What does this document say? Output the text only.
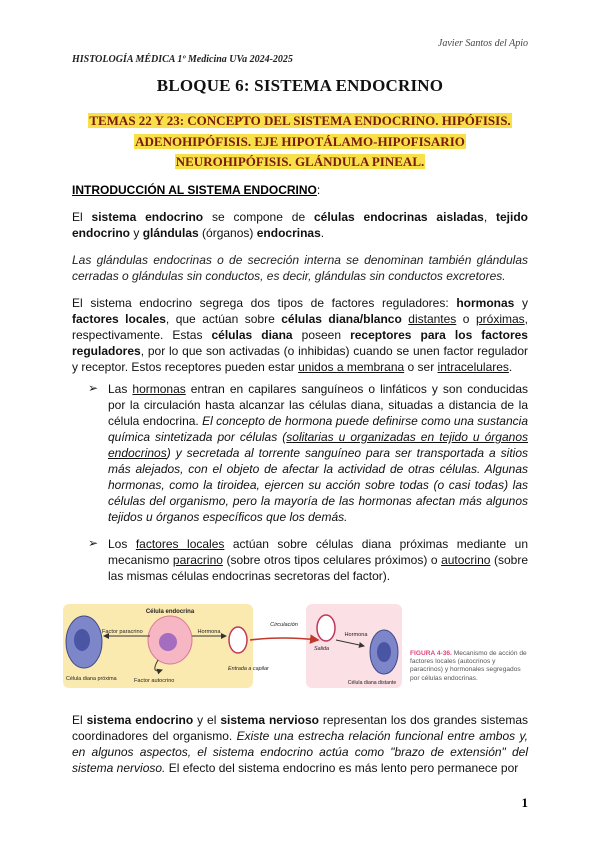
Javier Santos del Apio
HISTOLOGÍA MÉDICA 1º Medicina UVa 2024-2025
BLOQUE 6: SISTEMA ENDOCRINO
TEMAS 22 Y 23: CONCEPTO DEL SISTEMA ENDOCRINO. HIPÓFISIS.
ADENOHIPÓFISIS. EJE HIPOTÁLAMO-HIPOFISARIO
NEUROHIPÓFISIS. GLÁNDULA PINEAL.
INTRODUCCIÓN AL SISTEMA ENDOCRINO:

El sistema endocrino se compone de células endocrinas aisladas, tejido endocrino y glándulas (órganos) endocrinas.

Las glándulas endocrinas o de secreción interna se denominan también glándulas cerradas o glándulas sin conductos, es decir, glándulas sin conductos excretores.

El sistema endocrino segrega dos tipos de factores reguladores: hormonas y factores locales, que actúan sobre células diana/blanco distantes o próximas, respectivamente. Estas células diana poseen receptores para los factores reguladores, por lo que son activadas (o inhibidas) cuando se unen factor regulador y receptor. Estos receptores pueden estar unidos a membrana o ser intracelulares.

➢ Las hormonas entran en capilares sanguíneos o linfáticos y son conducidas por la circulación hasta alcanzar las células diana, situadas a distancia de la célula endocrina. El concepto de hormona puede definirse como una sustancia química sintetizada por células (solitarias u organizadas en tejido u órganos endocrinos) y secretada al torrente sanguíneo para ser transportada a sitios más alejados, con el objeto de afectar la actividad de otras células. Algunas hormonas, como la tiroidea, ejercen su acción sobre todas (o casi todas) las células del organismo, pero la mayoría de las hormonas afectan más algunos tejidos u órganos específicos que los demás.

➢ Los factores locales actúan sobre células diana próximas mediante un mecanismo paracrino (sobre otros tipos celulares próximos) o autocrino (sobre las mismas células endocrinas secretoras del factor).

Célula endocrina
Factor paracrino	Hormona
Célula diana próxima	Factor autocrino
Entrada a capilar
Circulación
Hormona
Salida
Célula diana distante
FIGURA 4-36. Mecanismo de acción de factores locales (autocrinos y paracrinos) y hormonales segregados por células endocrinas.

El sistema endocrino y el sistema nervioso representan los dos grandes sistemas coordinadores del organismo. Existe una estrecha relación funcional entre ambos y, en algunos aspectos, el sistema endocrino actúa como "brazo de extensión" del sistema nervioso. El efecto del sistema endocrino es más lento pero permanece por

1
